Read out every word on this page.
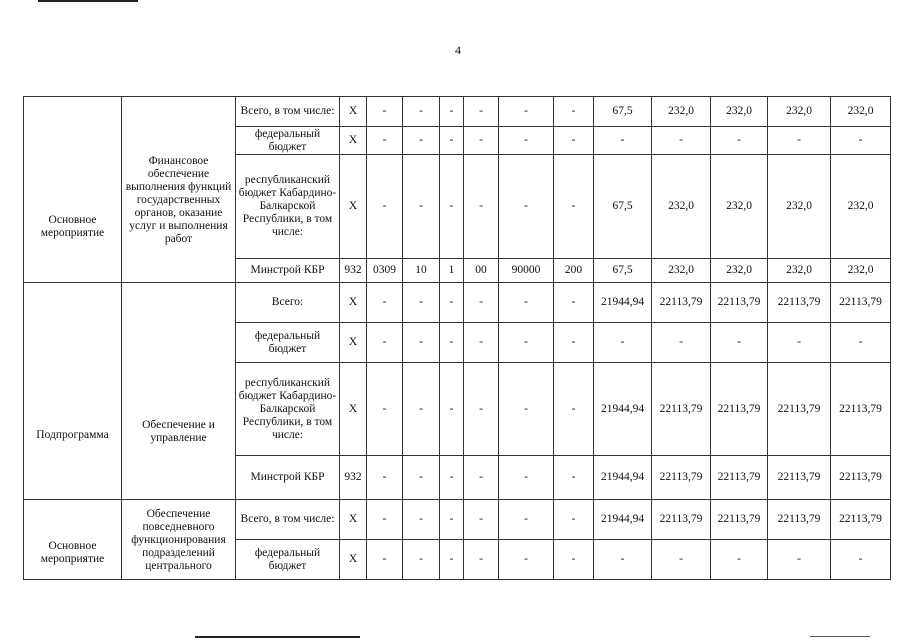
4
Основное мероприятие	Финансовое обеспечение выполнения функций государственных органов, оказание услуг и выполнения работ	Всего, в том числе:	X	-	-	-	-	-	-	67,5	232,0	232,0	232,0	232,0
		федеральный бюджет	X	-	-	-	-	-	-	-	-	-	-	-
		республиканский бюджет Кабардино-Балкарской Республики, в том числе:	X	-	-	-	-	-	-	67,5	232,0	232,0	232,0	232,0
		Минстрой КБР	932	0309	10	1	00	90000	200	67,5	232,0	232,0	232,0	232,0

Подпрограмма	Обеспечение и управление	Всего:	X	-	-	-	-	-	-	21944,94	22113,79	22113,79	22113,79	22113,79
		федеральный бюджет	X	-	-	-	-	-	-	-	-	-	-	-
		республиканский бюджет Кабардино-Балкарской Республики, в том числе:	X	-	-	-	-	-	-	21944,94	22113,79	22113,79	22113,79	22113,79
		Минстрой КБР	932	-	-	-	-	-	-	21944,94	22113,79	22113,79	22113,79	22113,79

Основное мероприятие	Обеспечение повседневного функционирования подразделений центрального	Всего, в том числе:	X	-	-	-	-	-	-	21944,94	22113,79	22113,79	22113,79	22113,79
		федеральный бюджет	X	-	-	-	-	-	-	-	-	-	-	-
